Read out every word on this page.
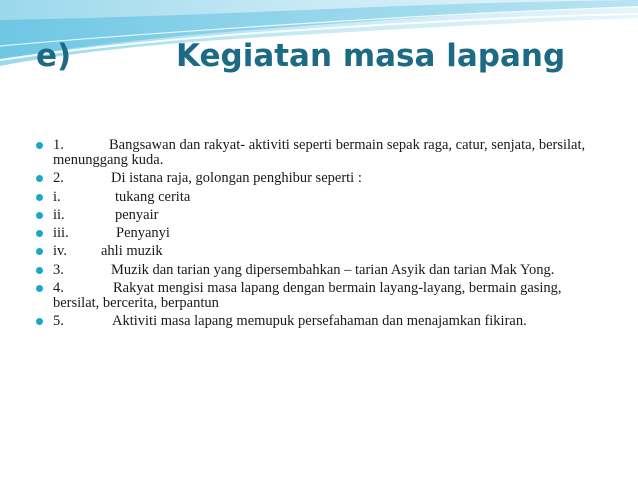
e)	Kegiatan masa lapang
1.	Bangsawan dan rakyat- aktiviti seperti bermain sepak raga, catur, senjata, bersilat, menunggang kuda.
2.	Di istana raja, golongan penghibur seperti :
i.	tukang cerita
ii.	penyair
iii.	Penyanyi
iv. ahli muzik
3.	Muzik dan tarian yang dipersembahkan – tarian Asyik dan tarian Mak Yong.
4.	Rakyat mengisi masa lapang dengan bermain layang-layang, bermain gasing, bersilat, bercerita, berpantun
5.	Aktiviti masa lapang memupuk persefahaman dan menajamkan fikiran.
